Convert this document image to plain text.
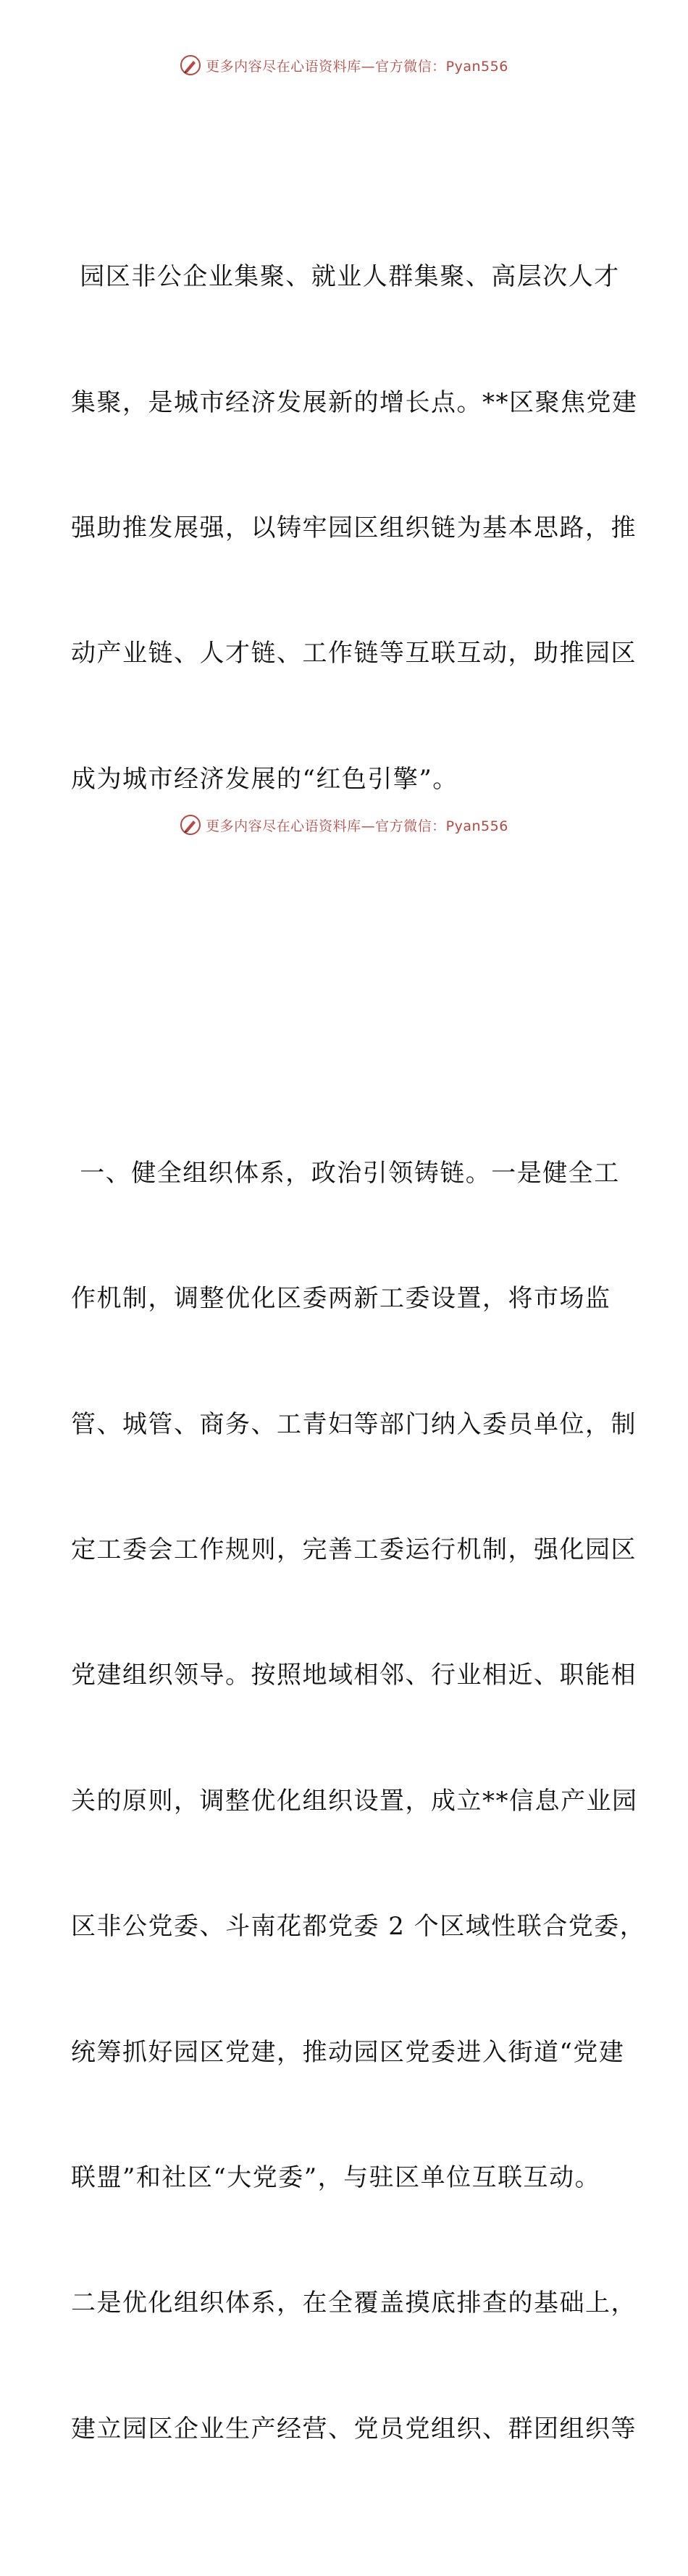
更多内容尽在心语资料库—官方微信：Pyan556

园区非公企业集聚、就业人群集聚、高层次人才

集聚，是城市经济发展新的增长点。**区聚焦党建

强助推发展强，以铸牢园区组织链为基本思路，推

动产业链、人才链、工作链等互联互动，助推园区

成为城市经济发展的“红色引擎”。

一、健全组织体系，政治引领铸链。一是健全工

作机制，调整优化区委两新工委设置，将市场监

管、城管、商务、工青妇等部门纳入委员单位，制

定工委会工作规则，完善工委运行机制，强化园区

党建组织领导。按照地域相邻、行业相近、职能相

关的原则，调整优化组织设置，成立**信息产业园

区非公党委、斗南花都党委 2 个区域性联合党委，

统筹抓好园区党建，推动园区党委进入街道“党建

联盟”和社区“大党委”，与驻区单位互联互动。

二是优化组织体系，在全覆盖摸底排查的基础上，

建立园区企业生产经营、党员党组织、群团组织等

更多内容尽在心语资料库—官方微信：Pyan556
